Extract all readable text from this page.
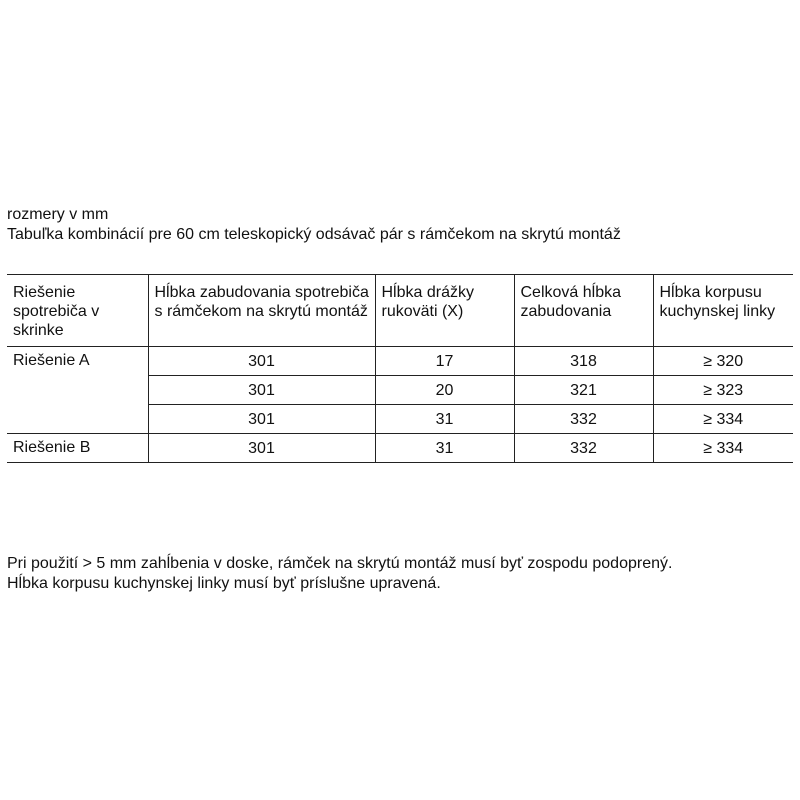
rozmery v mm
Tabuľka kombinácií pre 60 cm teleskopický odsávač pár s rámčekom na skrytú montáž
Riešenie spotrebiča v skrinke	Hĺbka zabudovania spotrebiča s rámčekom na skrytú montáž	Hĺbka drážky rukoväti (X)	Celková hĺbka zabudovania	Hĺbka korpusu kuchynskej linky
Riešenie A	301	17	318	≥ 320
	301	20	321	≥ 323
	301	31	332	≥ 334
Riešenie B	301	31	332	≥ 334
Pri použití > 5 mm zahĺbenia v doske, rámček na skrytú montáž musí byť zospodu podoprený.
Hĺbka korpusu kuchynskej linky musí byť príslušne upravená.
